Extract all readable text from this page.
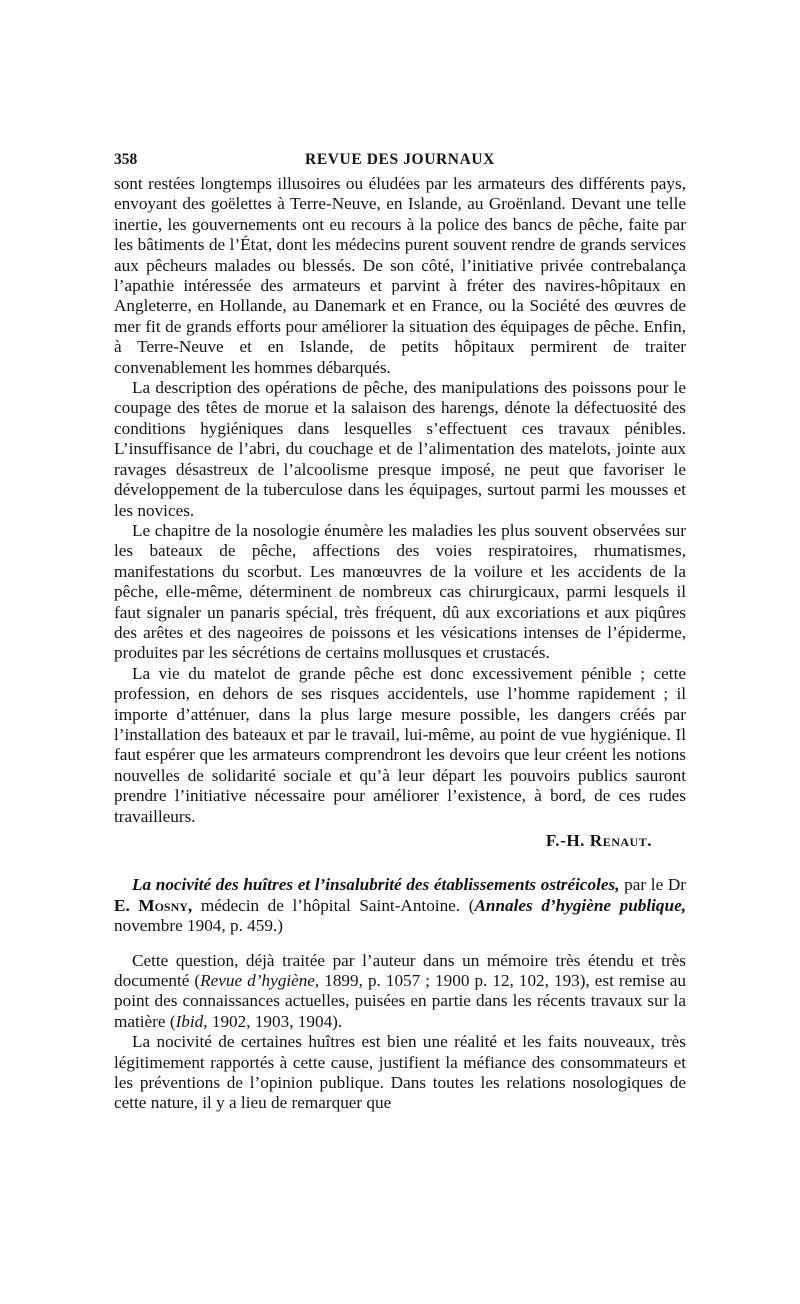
358	REVUE DES JOURNAUX

sont restées longtemps illusoires ou éludées par les armateurs des différents pays, envoyant des goëlettes à Terre-Neuve, en Islande, au Groënland. Devant une telle inertie, les gouvernements ont eu recours à la police des bancs de pêche, faite par les bâtiments de l’État, dont les médecins purent souvent rendre de grands services aux pêcheurs malades ou blessés. De son côté, l’initiative privée contrebalança l’apathie intéressée des armateurs et parvint à fréter des navires-hôpitaux en Angleterre, en Hollande, au Danemark et en France, ou la Société des œuvres de mer fit de grands efforts pour améliorer la situation des équipages de pêche. Enfin, à Terre-Neuve et en Islande, de petits hôpitaux permirent de traiter convenablement les hommes débarqués.

La description des opérations de pêche, des manipulations des poissons pour le coupage des têtes de morue et la salaison des harengs, dénote la défectuosité des conditions hygiéniques dans lesquelles s’effectuent ces travaux pénibles. L’insuffisance de l’abri, du couchage et de l’alimentation des matelots, jointe aux ravages désastreux de l’alcoolisme presque imposé, ne peut que favoriser le développement de la tuberculose dans les équipages, surtout parmi les mousses et les novices.

Le chapitre de la nosologie énumère les maladies les plus souvent observées sur les bateaux de pêche, affections des voies respiratoires, rhumatismes, manifestations du scorbut. Les manœuvres de la voilure et les accidents de la pêche, elle-même, déterminent de nombreux cas chirurgicaux, parmi lesquels il faut signaler un panaris spécial, très fréquent, dû aux excoriations et aux piqûres des arêtes et des nageoires de poissons et les vésications intenses de l’épiderme, produites par les sécrétions de certains mollusques et crustacés.

La vie du matelot de grande pêche est donc excessivement pénible ; cette profession, en dehors de ses risques accidentels, use l’homme rapidement ; il importe d’atténuer, dans la plus large mesure possible, les dangers créés par l’installation des bateaux et par le travail, lui-même, au point de vue hygiénique. Il faut espérer que les armateurs comprendront les devoirs que leur créent les notions nouvelles de solidarité sociale et qu’à leur départ les pouvoirs publics sauront prendre l’initiative nécessaire pour améliorer l’existence, à bord, de ces rudes travailleurs.

F.-H. Renaut.

La nocivité des huîtres et l’insalubrité des établissements ostréicoles, par le Dr E. Mosny, médecin de l’hôpital Saint-Antoine. (Annales d’hygiène publique, novembre 1904, p. 459.)

Cette question, déjà traitée par l’auteur dans un mémoire très étendu et très documenté (Revue d’hygiène, 1899, p. 1057 ; 1900 p. 12, 102, 193), est remise au point des connaissances actuelles, puisées en partie dans les récents travaux sur la matière (Ibid, 1902, 1903, 1904).

La nocivité de certaines huîtres est bien une réalité et les faits nouveaux, très légitimement rapportés à cette cause, justifient la méfiance des consommateurs et les préventions de l’opinion publique. Dans toutes les relations nosologiques de cette nature, il y a lieu de remarquer que
